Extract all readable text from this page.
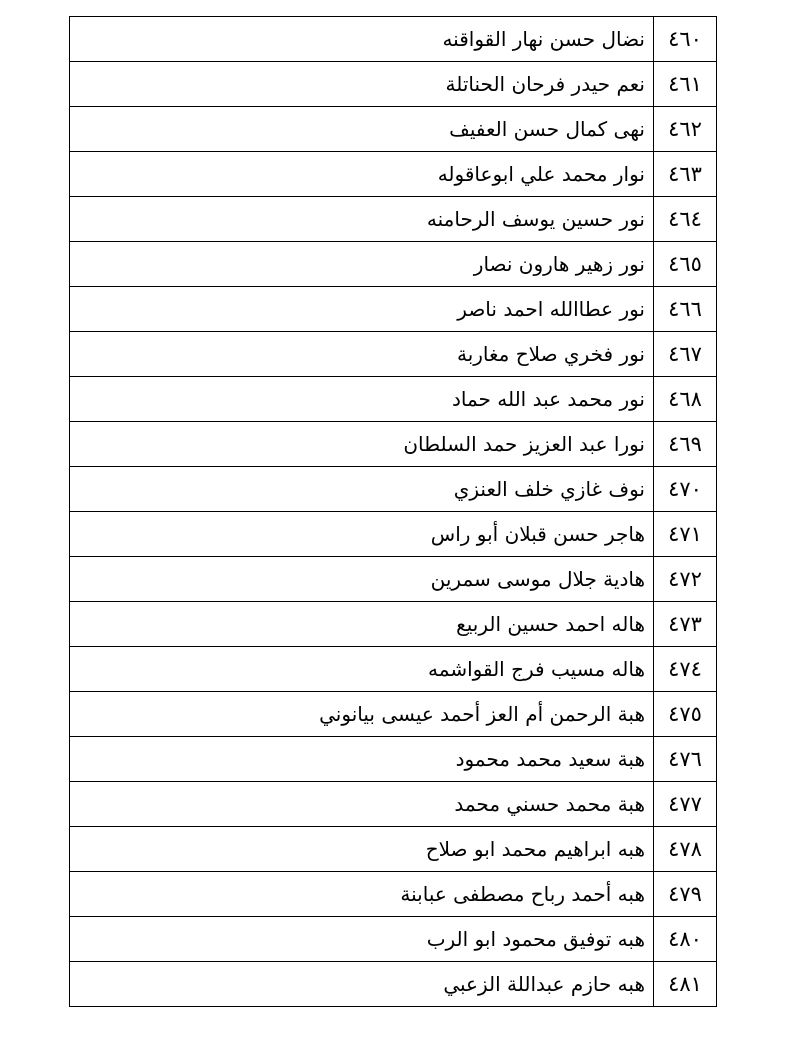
٤٦٠	نضال حسن نهار القواقنه
٤٦١	نعم حيدر فرحان الحناتلة
٤٦٢	نهى كمال حسن العفيف
٤٦٣	نوار محمد علي ابوعاقوله
٤٦٤	نور حسين يوسف الرحامنه
٤٦٥	نور زهير هارون نصار
٤٦٦	نور عطاالله احمد ناصر
٤٦٧	نور فخري صلاح مغاربة
٤٦٨	نور محمد عبد الله حماد
٤٦٩	نورا عبد العزيز حمد السلطان
٤٧٠	نوف غازي خلف العنزي
٤٧١	هاجر حسن قبلان أبو راس
٤٧٢	هادية جلال موسى سمرين
٤٧٣	هاله احمد حسين الربيع
٤٧٤	هاله مسيب فرج القواشمه
٤٧٥	هبة الرحمن أم العز أحمد عيسى بيانوني
٤٧٦	هبة سعيد محمد محمود
٤٧٧	هبة محمد حسني محمد
٤٧٨	هبه ابراهيم محمد ابو صلاح
٤٧٩	هبه أحمد رباح مصطفى عبابنة
٤٨٠	هبه توفيق محمود ابو الرب
٤٨١	هبه حازم عبداللة الزعبي
